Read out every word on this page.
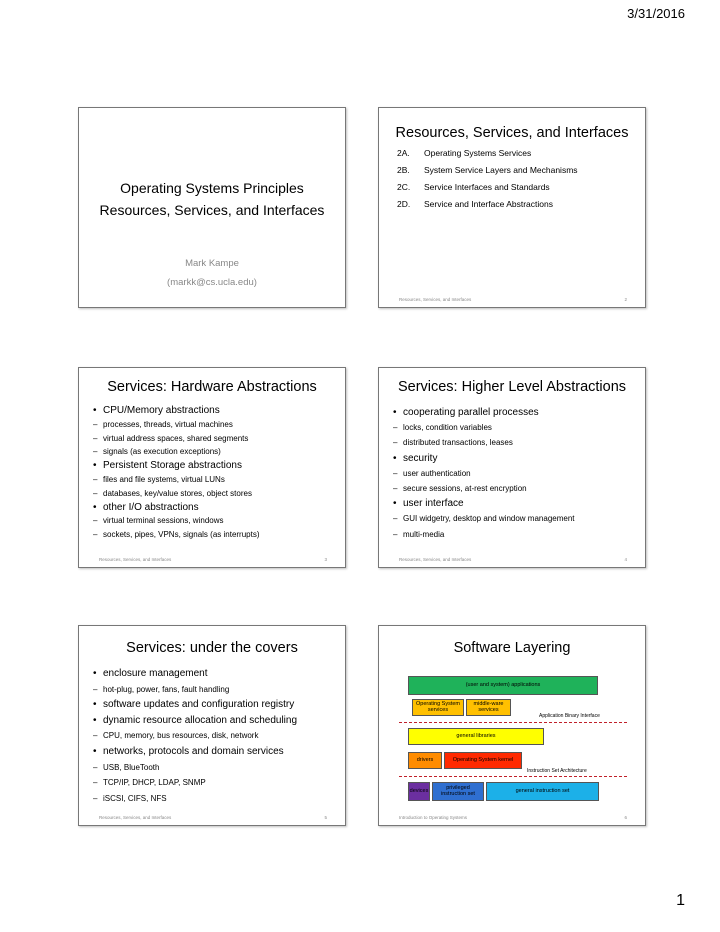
3/31/2016
1
Operating Systems Principles
Resources, Services, and Interfaces
Mark Kampe
(markk@cs.ucla.edu)
Resources, Services, and Interfaces
2A. Operating Systems Services
2B. System Service Layers and Mechanisms
2C. Service Interfaces and Standards
2D. Service and Interface Abstractions
Resources, Services, and Interfaces	2
Services: Hardware Abstractions
• CPU/Memory abstractions
– processes, threads, virtual machines
– virtual address spaces, shared segments
– signals (as execution exceptions)
• Persistent Storage abstractions
– files and file systems, virtual LUNs
– databases, key/value stores, object stores
• other I/O abstractions
– virtual terminal sessions, windows
– sockets, pipes, VPNs, signals (as interrupts)
Resources, Services, and Interfaces	3
Services: Higher Level Abstractions
• cooperating parallel processes
– locks, condition variables
– distributed transactions, leases
• security
– user authentication
– secure sessions, at-rest encryption
• user interface
– GUI widgetry, desktop and window management
– multi-media
Resources, Services, and Interfaces	4
Services: under the covers
• enclosure management
– hot-plug, power, fans, fault handling
• software updates and configuration registry
• dynamic resource allocation and scheduling
– CPU, memory, bus resources, disk, network
• networks, protocols and domain services
– USB, BlueTooth
– TCP/IP, DHCP, LDAP, SNMP
– iSCSI, CIFS, NFS
Resources, Services, and Interfaces	5
Software Layering
(user and system) applications
Operating System services
middle-ware services
Application Binary Interface
general libraries
drivers	Operating System kernel
Instruction Set Architecture
devices	privileged instruction set	general instruction set
Introduction to Operating Systems	6
